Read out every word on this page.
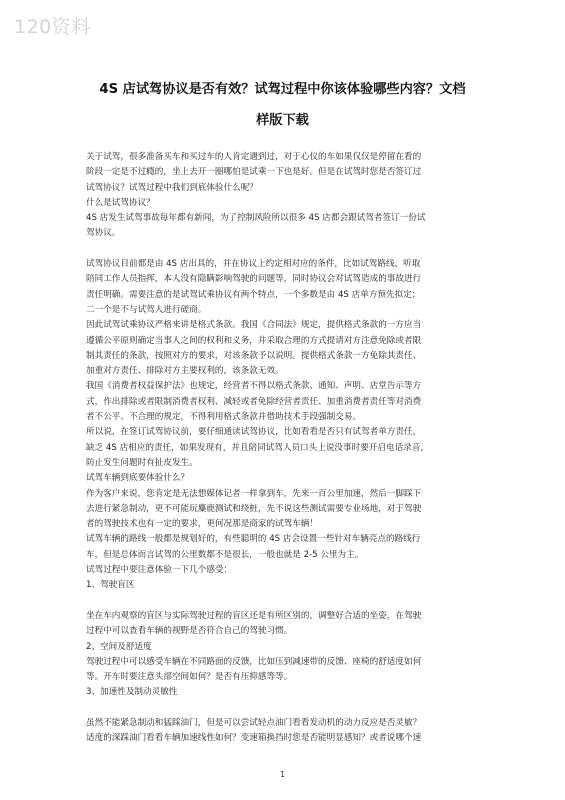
120资料
4S 店试驾协议是否有效？试驾过程中你该体验哪些内容？文档
样版下载
关于试驾，很多准备买车和买过车的人肯定遇到过，对于心仪的车如果仅仅是停留在看的
阶段一定是不过瘾的，坐上去开一圈哪怕是试乘一下也是好。但是在试驾时您是否签订过
试驾协议？试驾过程中我们到底体验什么呢？
什么是试驾协议？
4S 店发生试驾事故每年都有新闻，为了控制风险所以很多 4S 店都会跟试驾者签订一份试
驾协议。
试驾协议目前都是由 4S 店出具的，并在协议上约定相对应的条件，比如试驾路线，听取
陪同工作人员指挥，本人没有隐瞒影响驾驶的问题等，同时协议会对试驾造成的事故进行
责任明确。需要注意的是试驾试乘协议有两个特点，一个多数是由 4S 店单方预先拟定；
二一个是不与试驾人进行磋商。
因此试驾试乘协议严格来讲是格式条款。我国《合同法》规定，提供格式条款的一方应当
遵循公平原则确定当事人之间的权利和义务，并采取合理的方式提请对方注意免除或者限
制其责任的条款，按照对方的要求，对该条款予以说明。提供格式条款一方免除其责任、
加重对方责任、排除对方主要权利的，该条款无效。
我国《消费者权益保护法》也规定，经营者不得以格式条款、通知、声明、店堂告示等方
式，作出排除或者限制消费者权利、减轻或者免除经营者责任、加重消费者责任等对消费
者不公平、不合理的规定，不得利用格式条款并借助技术手段强制交易。
所以说，在签订试驾协议前，要仔细通读试驾协议，比如看看是否只有试驾者单方责任，
缺乏 4S 店相应的责任，如果发现有，并且陪同试驾人员口头上说没事时要开启电话录音，
防止发生问题时有扯皮发生。
试驾车辆到底要体验什么？
作为客户来说，您肯定是无法想媒体记者一样拿到车，先来一百公里加速，然后一脚踩下
去进行紧急制动，更不可能玩麋鹿测试和绕桩，先不说这些测试需要专业场地，对于驾驶
者的驾驶技术也有一定的要求，更何况那是商家的试驾车辆！
试驾车辆的路线一般都是规划好的，有些聪明的 4S 店会设置一些针对车辆亮点的路线行
车，但是总体而言试驾的公里数都不是很长，一般也就是 2-5 公里为主。
试驾过程中要注意体验一下几个感受：
1、驾驶盲区
坐在车内观察的盲区与实际驾驶过程的盲区还是有所区别的，调整好合适的坐姿，在驾驶
过程中可以查看车辆的视野是否符合自己的驾驶习惯。
2、空间及舒适度
驾驶过程中可以感受车辆在不同路面的反馈，比如压到减速带的反馈、座椅的舒适度如何
等。开车时要注意头部空间如何？是否有压抑感等等。
3、加速性及制动灵敏性
虽然不能紧急制动和猛踩油门，但是可以尝试轻点油门看看发动机的动力反应是否灵敏？
适度的深踩油门看看车辆加速线性如何？变速箱换挡时您是否能明显感知？或者说哪个速
1
